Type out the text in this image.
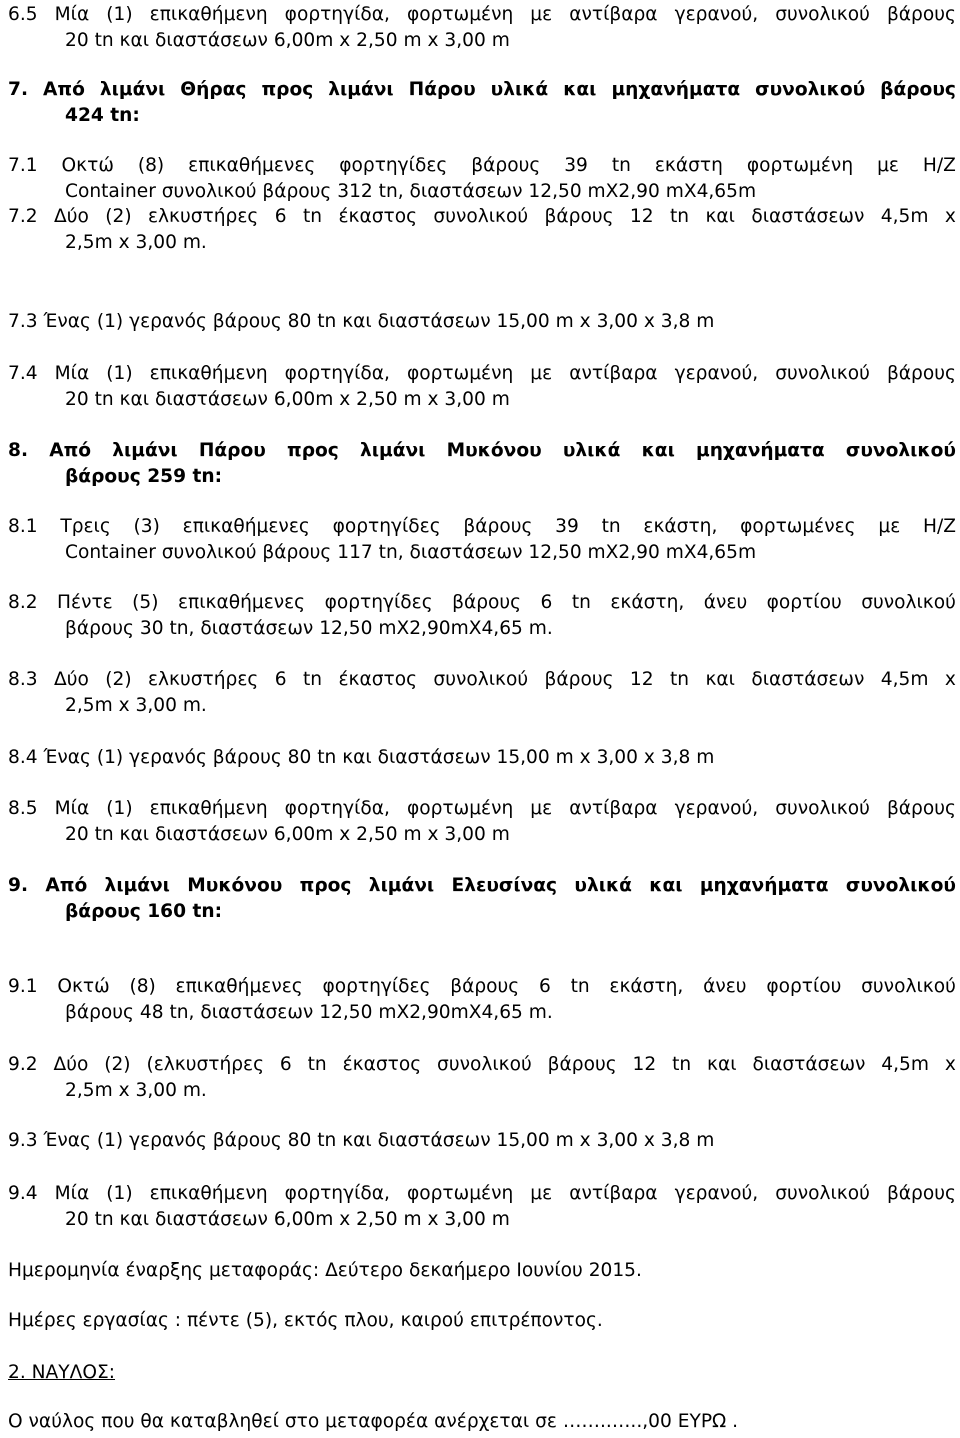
6.5 Μία (1) επικαθήμενη φορτηγίδα, φορτωμένη με αντίβαρα γερανού, συνολικού βάρους
20 tn και διαστάσεων 6,00m x 2,50 m x 3,00 m
7. Από λιμάνι Θήρας προς λιμάνι Πάρου υλικά και μηχανήματα συνολικού βάρους
424 tn:
7.1 Οκτώ (8) επικαθήμενες φορτηγίδες βάρους 39 tn εκάστη φορτωμένη με Η/Ζ
Container συνολικού βάρους 312 tn, διαστάσεων 12,50 mX2,90 mX4,65m
7.2 Δύο (2) ελκυστήρες 6 tn έκαστος συνολικού βάρους 12 tn και διαστάσεων 4,5m x
2,5m x 3,00 m.
7.3 Ένας (1) γερανός βάρους 80 tn και διαστάσεων 15,00 m x 3,00 x 3,8 m
7.4 Μία (1) επικαθήμενη φορτηγίδα, φορτωμένη με αντίβαρα γερανού, συνολικού βάρους
20 tn και διαστάσεων 6,00m x 2,50 m x 3,00 m
8. Από λιμάνι Πάρου προς λιμάνι Μυκόνου υλικά και μηχανήματα συνολικού
βάρους 259 tn:
8.1 Τρεις (3) επικαθήμενες φορτηγίδες βάρους 39 tn εκάστη, φορτωμένες με Η/Ζ
Container συνολικού βάρους 117 tn, διαστάσεων 12,50 mX2,90 mX4,65m
8.2 Πέντε (5) επικαθήμενες φορτηγίδες βάρους 6 tn εκάστη, άνευ φορτίου συνολικού
βάρους 30 tn, διαστάσεων 12,50 mX2,90mX4,65 m.
8.3 Δύο (2) ελκυστήρες 6 tn έκαστος συνολικού βάρους 12 tn και διαστάσεων 4,5m x
2,5m x 3,00 m.
8.4 Ένας (1) γερανός βάρους 80 tn και διαστάσεων 15,00 m x 3,00 x 3,8 m
8.5 Μία (1) επικαθήμενη φορτηγίδα, φορτωμένη με αντίβαρα γερανού, συνολικού βάρους
20 tn και διαστάσεων 6,00m x 2,50 m x 3,00 m
9. Από λιμάνι Μυκόνου προς λιμάνι Ελευσίνας υλικά και μηχανήματα συνολικού
βάρους 160 tn:
9.1 Οκτώ (8) επικαθήμενες φορτηγίδες βάρους 6 tn εκάστη, άνευ φορτίου συνολικού
βάρους 48 tn, διαστάσεων 12,50 mX2,90mX4,65 m.
9.2 Δύο (2) (ελκυστήρες 6 tn έκαστος συνολικού βάρους 12 tn και διαστάσεων 4,5m x
2,5m x 3,00 m.
9.3 Ένας (1) γερανός βάρους 80 tn και διαστάσεων 15,00 m x 3,00 x 3,8 m
9.4 Μία (1) επικαθήμενη φορτηγίδα, φορτωμένη με αντίβαρα γερανού, συνολικού βάρους
20 tn και διαστάσεων 6,00m x 2,50 m x 3,00 m
Ημερομηνία έναρξης μεταφοράς: Δεύτερο δεκαήμερο Ιουνίου 2015.
Ημέρες εργασίας : πέντε (5), εκτός πλου, καιρού επιτρέποντος.
2. ΝΑΥΛΟΣ:
Ο ναύλος που θα καταβληθεί στο μεταφορέα ανέρχεται σε ……..…..,00 ΕΥΡΩ .
